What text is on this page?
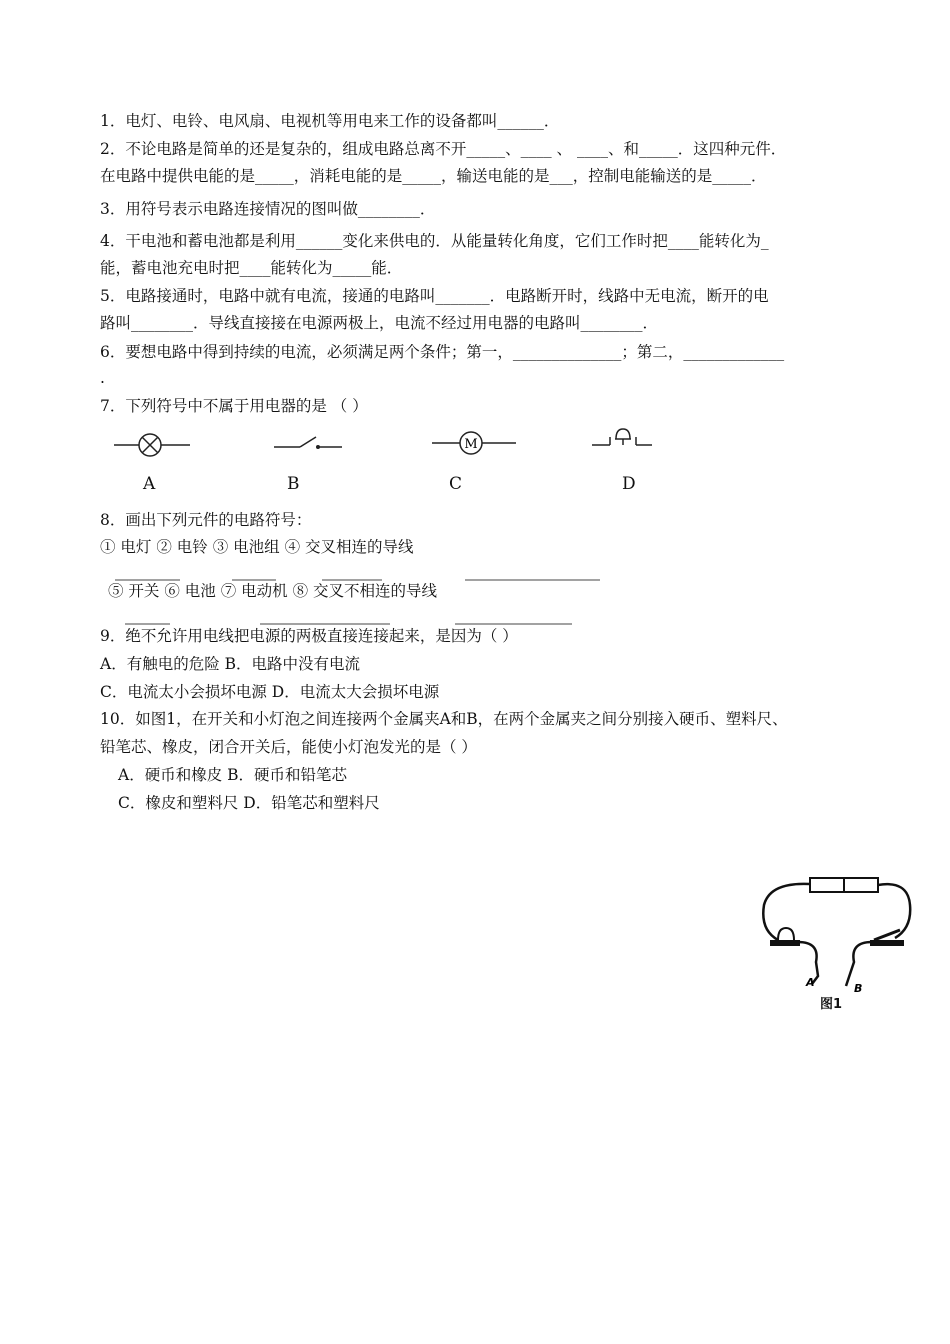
1．电灯、电铃、电风扇、电视机等用电来工作的设备都叫______．
2．不论电路是简单的还是复杂的，组成电路总离不开_____、____ 、 ____、和_____．这四种元件．
在电路中提供电能的是_____，消耗电能的是_____，输送电能的是___，控制电能输送的是_____．
3．用符号表示电路连接情况的图叫做________．
4．干电池和蓄电池都是利用______变化来供电的．从能量转化角度，它们工作时把____能转化为_
能，蓄电池充电时把____能转化为_____能．
5．电路接通时，电路中就有电流，接通的电路叫_______．电路断开时，线路中无电流，断开的电
路叫________．导线直接接在电源两极上，电流不经过用电器的电路叫________．
6．要想电路中得到持续的电流，必须满足两个条件；第一，______________；第二，_____________
.
7．下列符号中不属于用电器的是 （ ）
M
A	B	C	D
8．画出下列元件的电路符号：
① 电灯 ② 电铃 ③ 电池组 ④ 交叉相连的导线
⑤ 开关 ⑥ 电池 ⑦ 电动机 ⑧ 交叉不相连的导线
9．绝不允许用电线把电源的两极直接连接起来，是因为（ ）
A．有触电的危险 B．电路中没有电流
C．电流太小会损坏电源 D．电流太大会损坏电源
10．如图1，在开关和小灯泡之间连接两个金属夹A和B，在两个金属夹之间分别接入硬币、塑料尺、
铅笔芯、橡皮，闭合开关后，能使小灯泡发光的是（ ）
A．硬币和橡皮 B．硬币和铅笔芯
C．橡皮和塑料尺 D．铅笔芯和塑料尺
A	B
图1
